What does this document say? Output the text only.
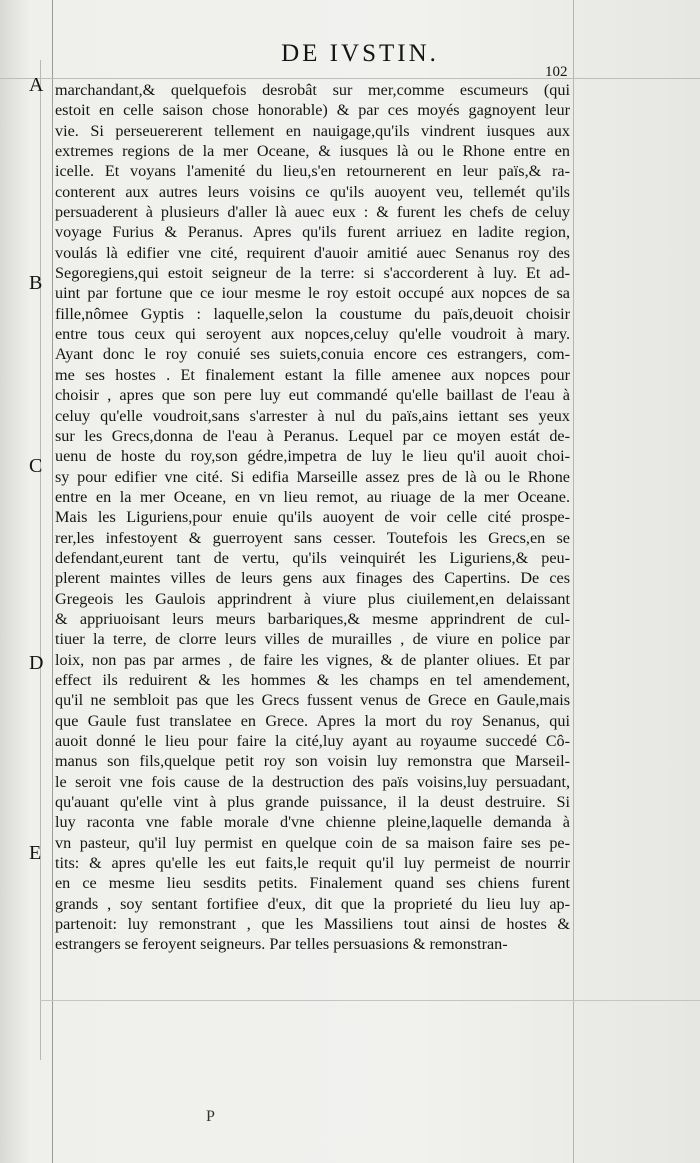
DE IVSTIN.
102
A
B
C
D
E
marchandant,& quelquefois desrobât sur mer,comme escumeurs (qui
estoit en celle saison chose honorable) & par ces moyés gagnoyent leur
vie. Si perseuererent tellement en nauigage,qu'ils vindrent iusques aux
extremes regions de la mer Oceane, & iusques là ou le Rhone entre en
icelle. Et voyans l'amenité du lieu,s'en retournerent en leur païs,& ra-
conterent aux autres leurs voisins ce qu'ils auoyent veu, tellemét qu'ils
persuaderent à plusieurs d'aller là auec eux : & furent les chefs de celuy
voyage Furius & Peranus. Apres qu'ils furent arriuez en ladite region,
voulás là edifier vne cité, requirent d'auoir amitié auec Senanus roy des
Segoregiens,qui estoit seigneur de la terre: si s'accorderent à luy. Et ad-
uint par fortune que ce iour mesme le roy estoit occupé aux nopces de sa
fille,nômee Gyptis : laquelle,selon la coustume du païs,deuoit choisir
entre tous ceux qui seroyent aux nopces,celuy qu'elle voudroit à mary.
Ayant donc le roy conuié ses suiets,conuia encore ces estrangers, com-
me ses hostes . Et finalement estant la fille amenee aux nopces pour
choisir , apres que son pere luy eut commandé qu'elle baillast de l'eau à
celuy qu'elle voudroit,sans s'arrester à nul du païs,ains iettant ses yeux
sur les Grecs,donna de l'eau à Peranus. Lequel par ce moyen estát de-
uenu de hoste du roy,son gédre,impetra de luy le lieu qu'il auoit choi-
sy pour edifier vne cité. Si edifia Marseille assez pres de là ou le Rhone
entre en la mer Oceane, en vn lieu remot, au riuage de la mer Oceane.
Mais les Liguriens,pour enuie qu'ils auoyent de voir celle cité prospe-
rer,les infestoyent & guerroyent sans cesser. Toutefois les Grecs,en se
defendant,eurent tant de vertu, qu'ils veinquirét les Liguriens,& peu-
plerent maintes villes de leurs gens aux finages des Capertins. De ces
Gregeois les Gaulois apprindrent à viure plus ciuilement,en delaissant
& appriuoisant leurs meurs barbariques,& mesme apprindrent de cul-
tiuer la terre, de clorre leurs villes de murailles , de viure en police par
loix, non pas par armes , de faire les vignes, & de planter oliues. Et par
effect ils reduirent & les hommes & les champs en tel amendement,
qu'il ne sembloit pas que les Grecs fussent venus de Grece en Gaule,mais
que Gaule fust translatee en Grece. Apres la mort du roy Senanus, qui
auoit donné le lieu pour faire la cité,luy ayant au royaume succedé Cô-
manus son fils,quelque petit roy son voisin luy remonstra que Marseil-
le seroit vne fois cause de la destruction des païs voisins,luy persuadant,
qu'auant qu'elle vint à plus grande puissance, il la deust destruire. Si
luy raconta vne fable morale d'vne chienne pleine,laquelle demanda à
vn pasteur, qu'il luy permist en quelque coin de sa maison faire ses pe-
tits: & apres qu'elle les eut faits,le requit qu'il luy permeist de nourrir
en ce mesme lieu sesdits petits. Finalement quand ses chiens furent
grands , soy sentant fortifiee d'eux, dit que la proprieté du lieu luy ap-
partenoit: luy remonstrant , que les Massiliens tout ainsi de hostes &
estrangers se feroyent seigneurs. Par telles persuasions & remonstran-
P
